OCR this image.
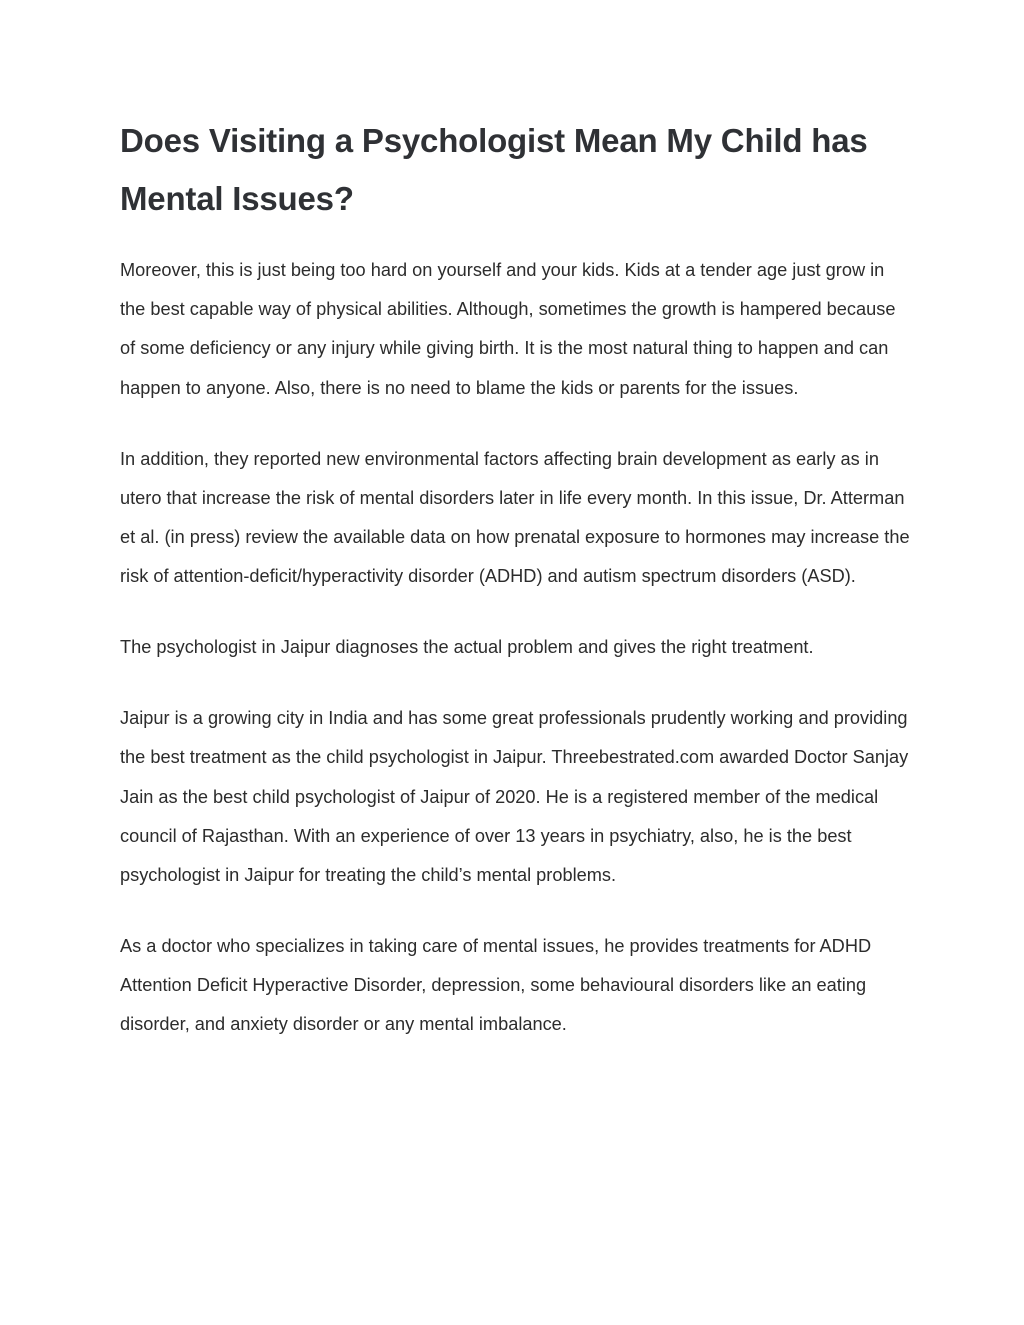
Does Visiting a Psychologist Mean My Child has Mental Issues?

Moreover, this is just being too hard on yourself and your kids. Kids at a tender age just grow in the best capable way of physical abilities. Although, sometimes the growth is hampered because of some deficiency or any injury while giving birth. It is the most natural thing to happen and can happen to anyone. Also, there is no need to blame the kids or parents for the issues.

In addition, they reported new environmental factors affecting brain development as early as in utero that increase the risk of mental disorders later in life every month. In this issue, Dr. Atterman et al. (in press) review the available data on how prenatal exposure to hormones may increase the risk of attention-deficit/hyperactivity disorder (ADHD) and autism spectrum disorders (ASD).

The psychologist in Jaipur diagnoses the actual problem and gives the right treatment.

Jaipur is a growing city in India and has some great professionals prudently working and providing the best treatment as the child psychologist in Jaipur. Threebestrated.com awarded Doctor Sanjay Jain as the best child psychologist of Jaipur of 2020. He is a registered member of the medical council of Rajasthan. With an experience of over 13 years in psychiatry, also, he is the best psychologist in Jaipur for treating the child’s mental problems.

As a doctor who specializes in taking care of mental issues, he provides treatments for ADHD Attention Deficit Hyperactive Disorder, depression, some behavioural disorders like an eating disorder, and anxiety disorder or any mental imbalance.
